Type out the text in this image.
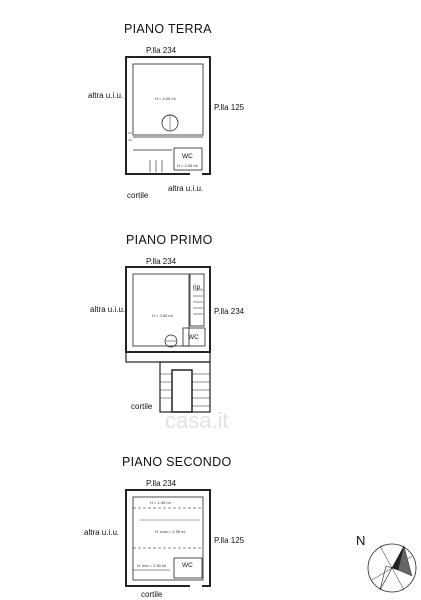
PIANO TERRA
P.lla 234
altra u.i.u.
P.lla 125
H = 4.00 ml
WC
H = 2.45 ml
altra u.i.u.
cortile
PIANO PRIMO
P.lla 234
altra u.i.u.	P.lla 234
rip.
H = 3.60 ml
WC
cortile
PIANO SECONDO
P.lla 234
altra u.i.u.
P.lla 125
H = 1.45 ml
H. max = 2.95 ml
H. min = 2.30 ml WC
cortile
N
casa.it
